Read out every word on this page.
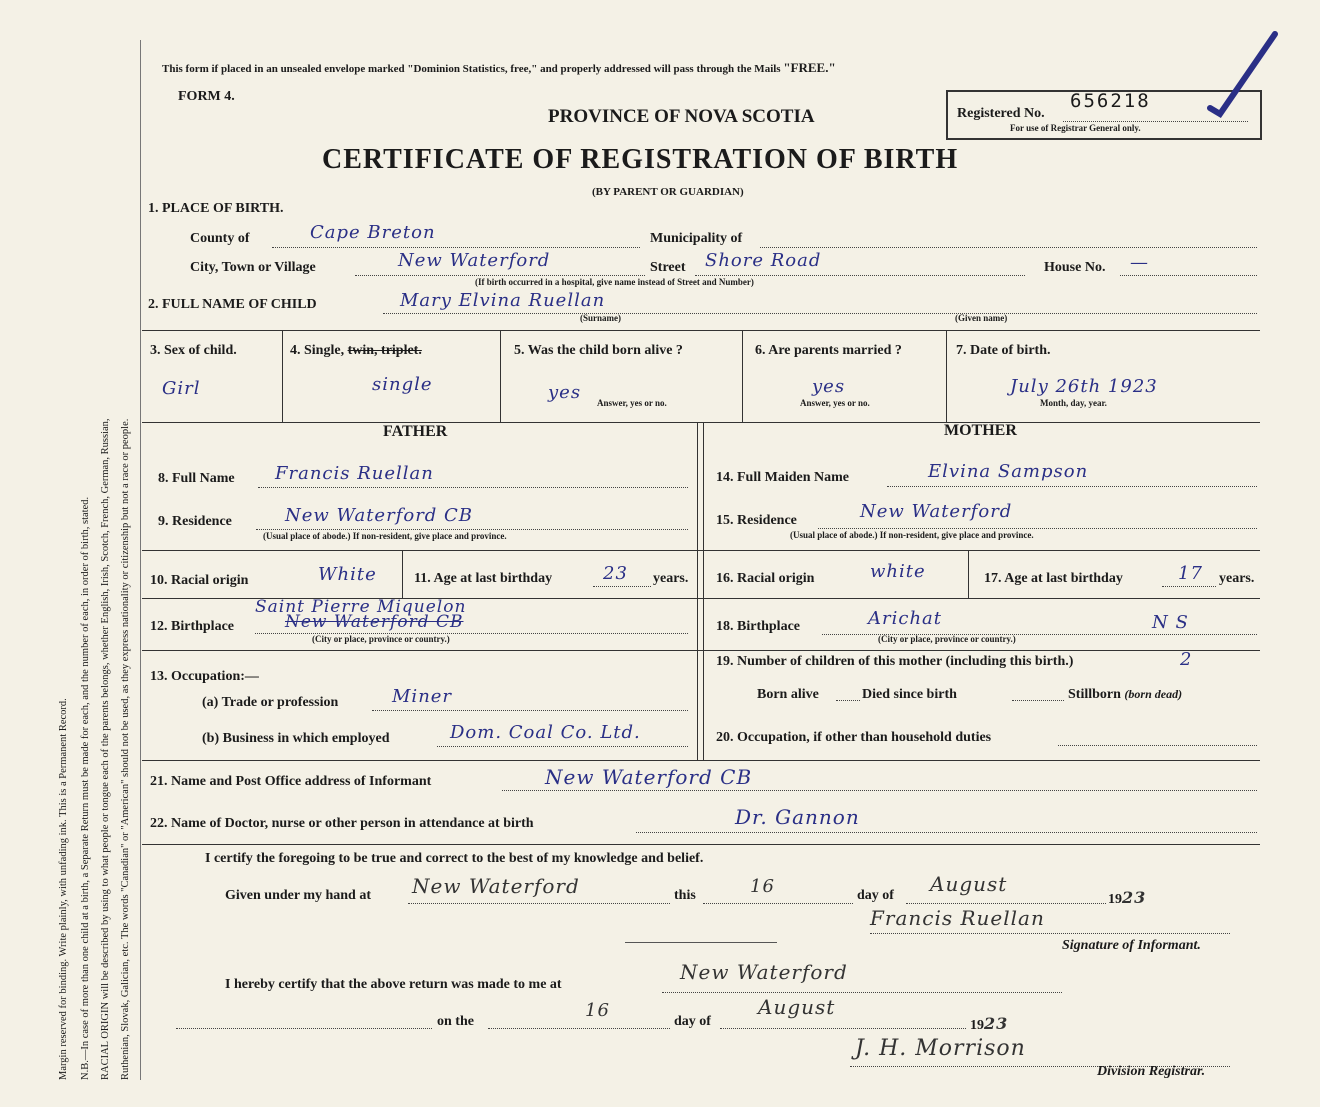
Margin reserved for binding. Write plainly, with unfading ink. This is a Permanent Record. N.B.—In case of more than one child at a birth, a Separate Return must be made for each, and the number of each, in order of birth, stated. RACIAL ORIGIN will be described by using to what people or tongue each of the parents belongs, whether English, Irish, Scotch, French, German, Russian, Ruthenian, Slovak, Galician, etc. The words "Canadian" or "American" should not be used, as they express nationality or citizenship but not a race or people.
This form if placed in an unsealed envelope marked "Dominion Statistics, free," and properly addressed will pass through the Mails "FREE."
FORM 4.
PROVINCE OF NOVA SCOTIA
CERTIFICATE OF REGISTRATION OF BIRTH
(BY PARENT OR GUARDIAN)
Registered No.
656218
For use of Registrar General only.
1. PLACE OF BIRTH.
County of	Cape Breton	Municipality of
City, Town or Village	New Waterford	Street Shore Road	House No. —
(If birth occurred in a hospital, give name instead of Street and Number)
2. FULL NAME OF CHILD	Mary Elvina Ruellan
(Surname)	(Given name)
3. Sex of child.
Girl
4. Single, twin, triplet.
single
5. Was the child born alive ?
yes Answer, yes or no.
6. Are parents married ?
yes
Answer, yes or no.
7. Date of birth.
July 26th 1923
Month, day, year.
FATHER	MOTHER
8. Full Name Francis Ruellan
9. Residence	New Waterford CB
(Usual place of abode.) If non-resident, give place and province.
10. Racial origin	White	11. Age at last birthday	23 years.
Saint Pierre Miquelon
12. Birthplace	New Waterford CB
(City or place, province or country.)
13. Occupation:—
(a) Trade or profession	Miner
(b) Business in which employed	Dom. Coal Co. Ltd.
14. Full Maiden Name	Elvina Sampson
15. Residence	New Waterford
(Usual place of abode.) If non-resident, give place and province.
16. Racial origin	white	17. Age at last birthday	17 years.
18. Birthplace	Arichat	N S
(City or place, province or country.)
19. Number of children of this mother (including this birth.)	2
Born alive	Died since birth	Stillborn (born dead)
20. Occupation, if other than household duties
21. Name and Post Office address of Informant	New Waterford CB
22. Name of Doctor, nurse or other person in attendance at birth	Dr. Gannon
I certify the foregoing to be true and correct to the best of my knowledge and belief.
Given under my hand at New Waterford	this	16	day of August
1923
Francis Ruellan
Signature of Informant.
I hereby certify that the above return was made to me at
New Waterford
on the
16
day of
August
1923
J. H. Morrison
Division Registrar.
